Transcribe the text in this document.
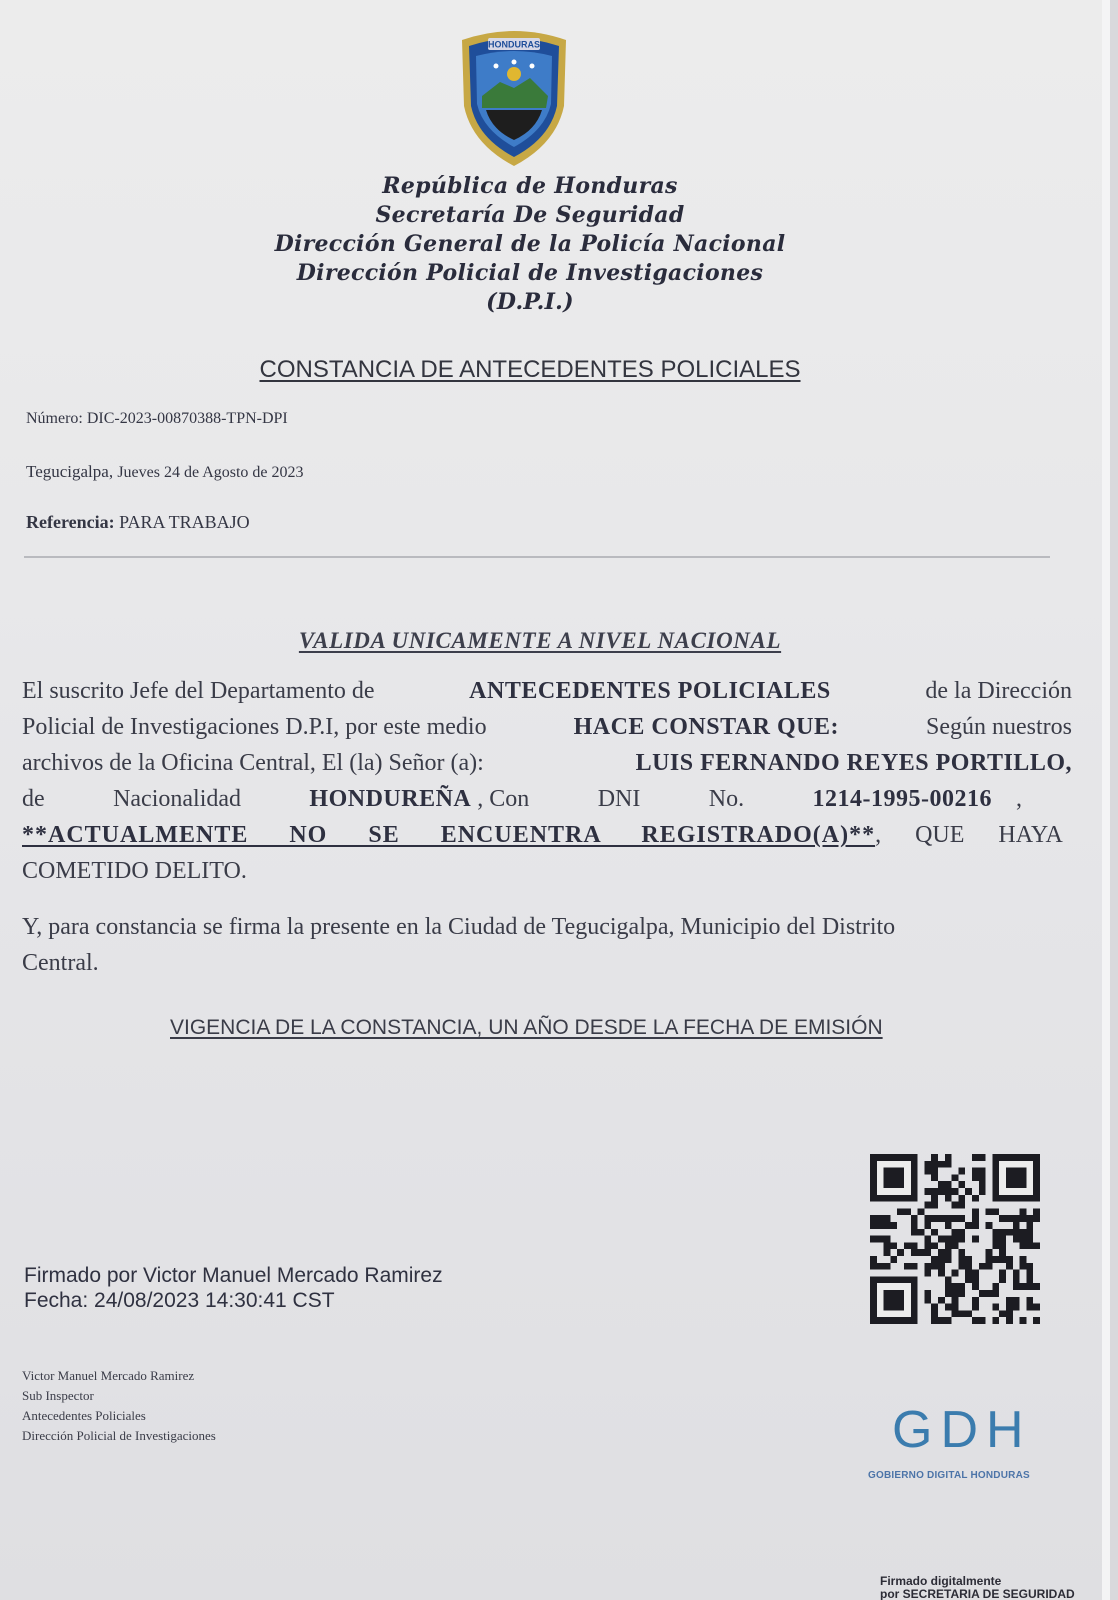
HONDURAS
República de Honduras
Secretaría De Seguridad
Dirección General de la Policía Nacional
Dirección Policial de Investigaciones
(D.P.I.)
CONSTANCIA DE ANTECEDENTES POLICIALES
Número: DIC-2023-00870388-TPN-DPI
Tegucigalpa, Jueves 24 de Agosto de 2023
Referencia: PARA TRABAJO
VALIDA UNICAMENTE A NIVEL NACIONAL
El suscrito Jefe del Departamento de	ANTECEDENTES POLICIALES	de la Dirección
Policial de Investigaciones D.P.I, por este medio	HACE CONSTAR QUE:	Según nuestros
archivos de la Oficina Central, El (la) Señor (a):	LUIS FERNANDO REYES PORTILLO,
de	Nacionalidad	HONDUREÑA , Con	DNI	No.	1214-1995-00216 ,
**ACTUALMENTE NO SE ENCUENTRA REGISTRADO(A)**, QUE HAYA
COMETIDO DELITO.
Y, para constancia se firma la presente en la Ciudad de Tegucigalpa, Municipio del Distrito
Central.
VIGENCIA DE LA CONSTANCIA, UN AÑO DESDE LA FECHA DE EMISIÓN
Firmado por Victor Manuel Mercado Ramirez
Fecha: 24/08/2023 14:30:41 CST
Victor Manuel Mercado Ramirez
Sub Inspector
Antecedentes Policiales
Dirección Policial de Investigaciones	GDH
GOBIERNO DIGITAL HONDURAS
Firmado digitalmente
por SECRETARIA DE SEGURIDAD
